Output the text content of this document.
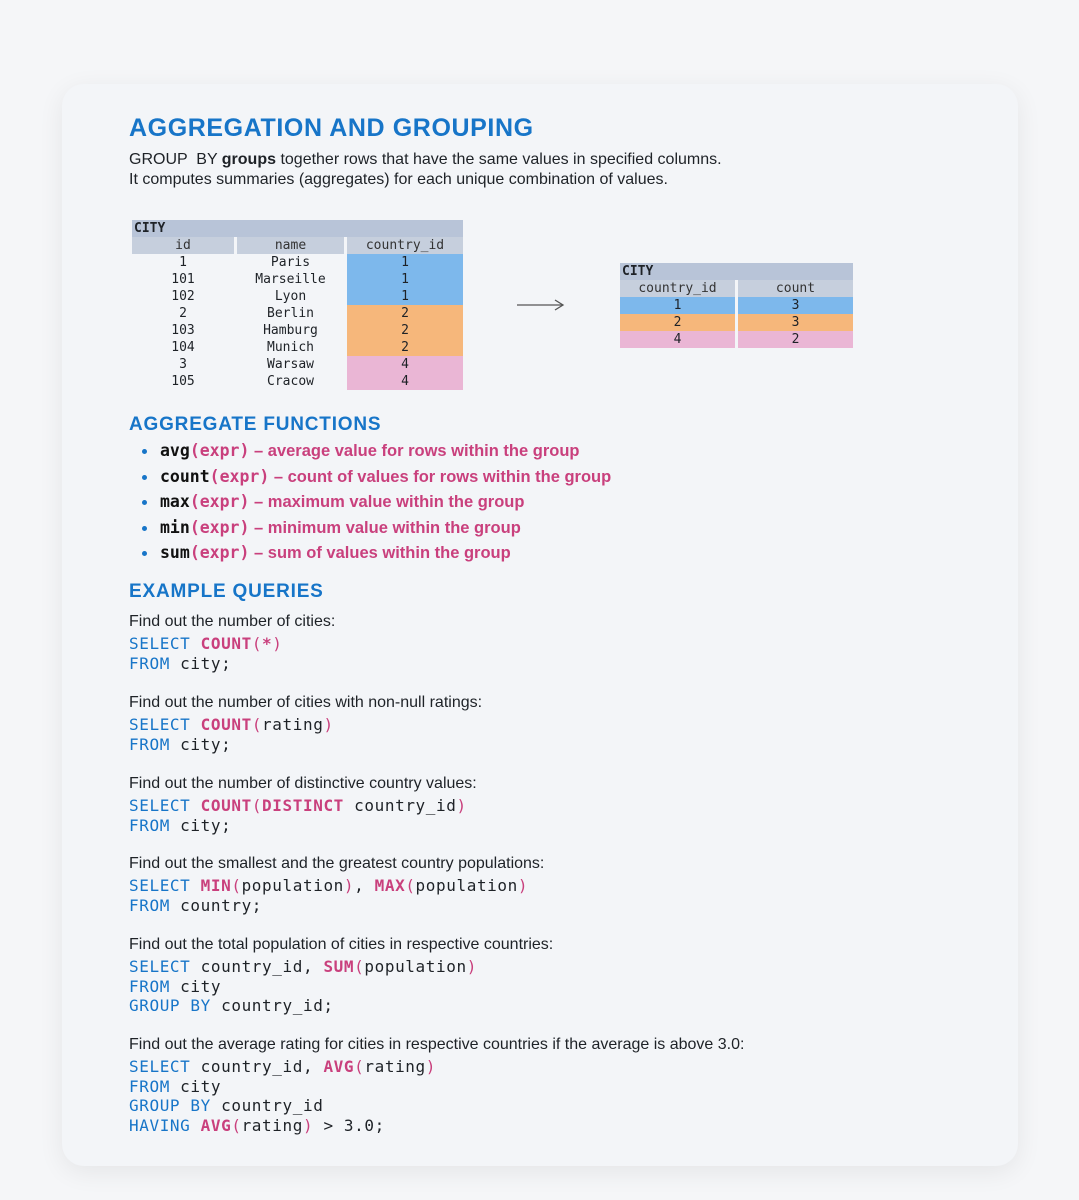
AGGREGATION AND GROUPING
GROUP  BY groups together rows that have the same values in specified columns.
It computes summaries (aggregates) for each unique combination of values.
CITY		
id	name	country_id
1	Paris	1
101	Marseille	1
102	Lyon	1
2	Berlin	2
103	Hamburg	2
104	Munich	2
3	Warsaw	4
105	Cracow	4
CITY	
country_id	count
1	3
2	3
4	2
AGGREGATE FUNCTIONS
avg(expr) – average value for rows within the group
count(expr) – count of values for rows within the group
max(expr) – maximum value within the group
min(expr) – minimum value within the group
sum(expr) – sum of values within the group
EXAMPLE QUERIES

Find out the number of cities:

SELECT COUNT(*)
FROM city;

Find out the number of cities with non-null ratings:

SELECT COUNT(rating)
FROM city;

Find out the number of distinctive country values:

SELECT COUNT(DISTINCT country_id)
FROM city;

Find out the smallest and the greatest country populations:

SELECT MIN(population), MAX(population)
FROM country;

Find out the total population of cities in respective countries:

SELECT country_id, SUM(population)
FROM city
GROUP BY country_id;

Find out the average rating for cities in respective countries if the average is above 3.0:

SELECT country_id, AVG(rating)
FROM city
GROUP BY country_id
HAVING AVG(rating) > 3.0;
